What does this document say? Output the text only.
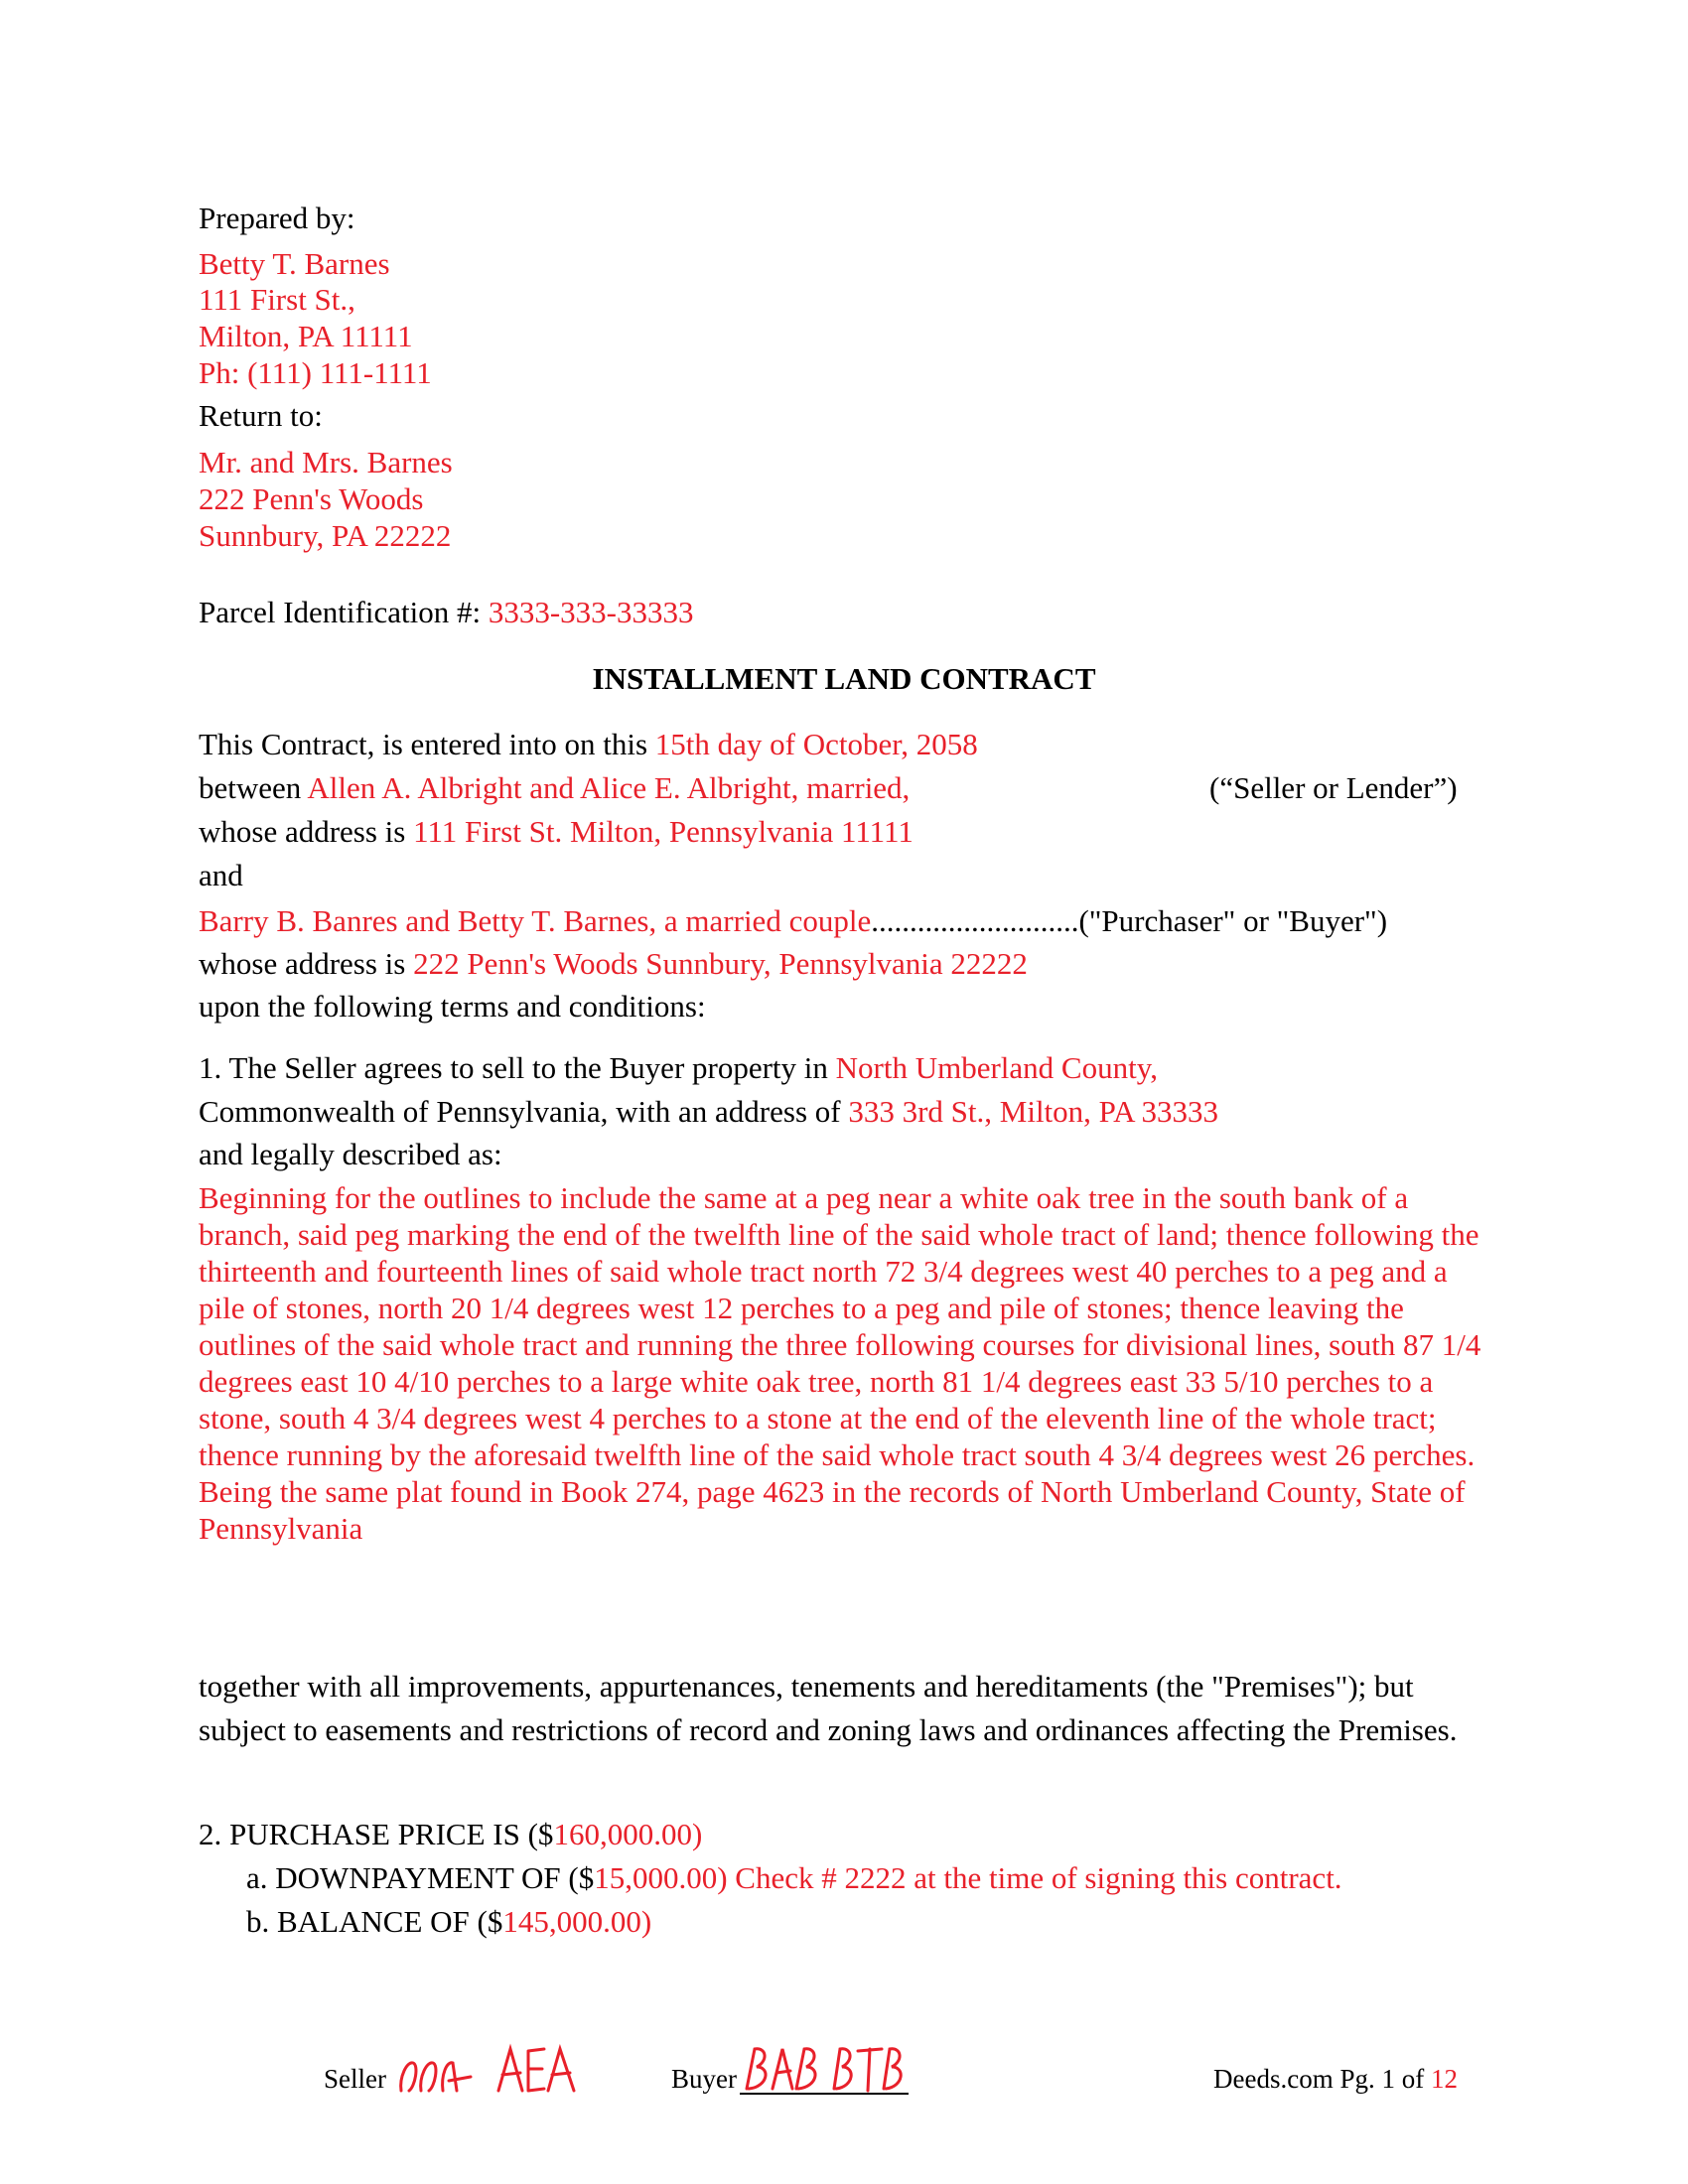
Prepared by:
Betty T. Barnes
111 First St.,
Milton, PA 11111
Ph: (111) 111-1111
Return to:
Mr. and Mrs. Barnes
222 Penn's Woods
Sunnbury, PA 22222
Parcel Identification #: 3333-333-33333
INSTALLMENT LAND CONTRACT
This Contract, is entered into on this 15th day of October, 2058
between Allen A. Albright and Alice E. Albright, married,	(“Seller or Lender”)
whose address is 111 First St. Milton, Pennsylvania 11111
and
Barry B. Banres and Betty T. Barnes, a married couple...........................("Purchaser" or "Buyer")
whose address is 222 Penn's Woods Sunnbury, Pennsylvania 22222
upon the following terms and conditions:
1. The Seller agrees to sell to the Buyer property in North Umberland County,
Commonwealth of Pennsylvania, with an address of 333 3rd St., Milton, PA 33333
and legally described as:
Beginning for the outlines to include the same at a peg near a white oak tree in the south bank of a branch, said peg marking the end of the twelfth line of the said whole tract of land; thence following the thirteenth and fourteenth lines of said whole tract north 72 3/4 degrees west 40 perches to a peg and a pile of stones, north 20 1/4 degrees west 12 perches to a peg and pile of stones; thence leaving the outlines of the said whole tract and running the three following courses for divisional lines, south 87 1/4 degrees east 10 4/10 perches to a large white oak tree, north 81 1/4 degrees east 33 5/10 perches to a stone, south 4 3/4 degrees west 4 perches to a stone at the end of the eleventh line of the whole tract; thence running by the aforesaid twelfth line of the said whole tract south 4 3/4 degrees west 26 perches. Being the same plat found in Book 274, page 4623 in the records of North Umberland County, State of Pennsylvania
together with all improvements, appurtenances, tenements and hereditaments (the "Premises"); but subject to easements and restrictions of record and zoning laws and ordinances affecting the Premises.
2. PURCHASE PRICE IS ($160,000.00)
a. DOWNPAYMENT OF ($15,000.00) Check # 2222 at the time of signing this contract.
b. BALANCE OF ($145,000.00)
Seller	Buyer	Deeds.com Pg. 1 of 12
